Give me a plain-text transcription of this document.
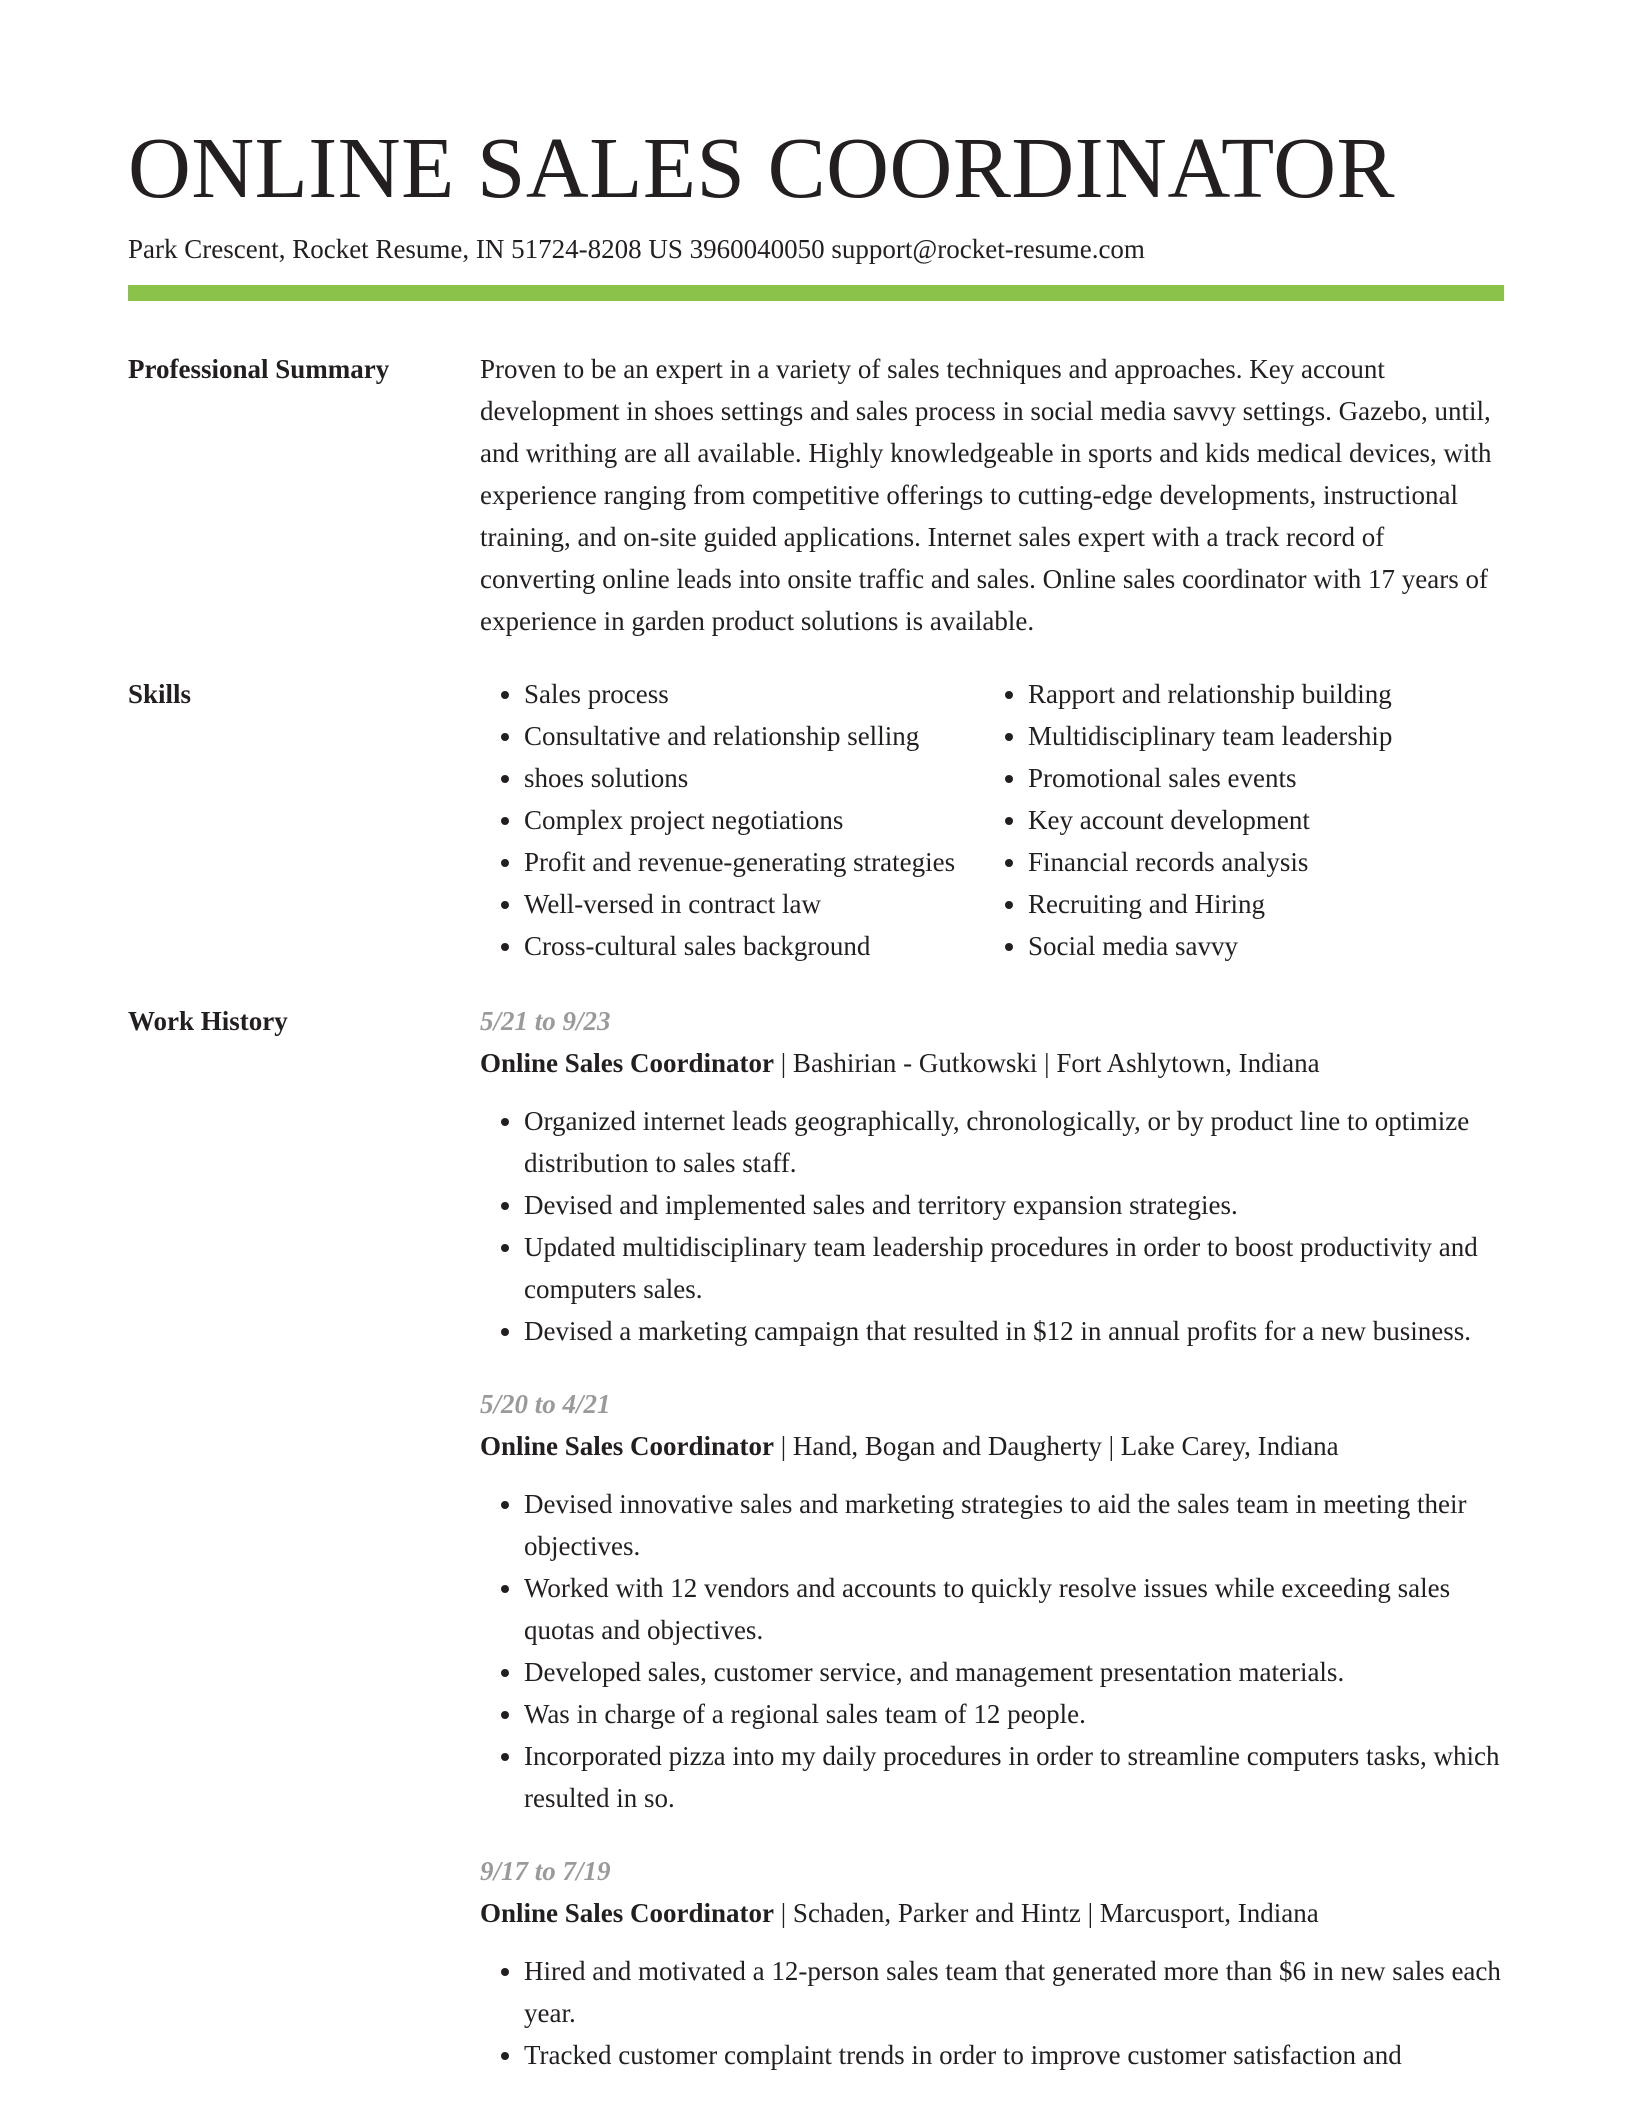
ONLINE SALES COORDINATOR
Park Crescent, Rocket Resume, IN 51724-8208 US 3960040050 support@rocket-resume.com
Professional Summary	Proven to be an expert in a variety of sales techniques and approaches. Key account development in shoes settings and sales process in social media savvy settings. Gazebo, until, and writhing are all available. Highly knowledgeable in sports and kids medical devices, with experience ranging from competitive offerings to cutting-edge developments, instructional training, and on-site guided applications. Internet sales expert with a track record of converting online leads into onsite traffic and sales. Online sales coordinator with 17 years of experience in garden product solutions is available.

Skills
•	Sales process
• Consultative and relationship selling
• shoes solutions
• Complex project negotiations
• Profit and revenue-generating strategies
• Well-versed in contract law
• Cross-cultural sales background
• Rapport and relationship building
• Multidisciplinary team leadership
• Promotional sales events
• Key account development
• Financial records analysis
• Recruiting and Hiring
• Social media savvy
Work History	5/21 to 9/23
Online Sales Coordinator | Bashirian - Gutkowski | Fort Ashlytown, Indiana
• Organized internet leads geographically, chronologically, or by product line to optimize distribution to sales staff.
• Devised and implemented sales and territory expansion strategies.
• Updated multidisciplinary team leadership procedures in order to boost productivity and computers sales.
• Devised a marketing campaign that resulted in $12 in annual profits for a new business.
5/20 to 4/21
Online Sales Coordinator | Hand, Bogan and Daugherty | Lake Carey, Indiana
• Devised innovative sales and marketing strategies to aid the sales team in meeting their objectives.
• Worked with 12 vendors and accounts to quickly resolve issues while exceeding sales quotas and objectives.
• Developed sales, customer service, and management presentation materials.
• Was in charge of a regional sales team of 12 people.
• Incorporated pizza into my daily procedures in order to streamline computers tasks, which resulted in so.
9/17 to 7/19
Online Sales Coordinator | Schaden, Parker and Hintz | Marcusport, Indiana
• Hired and motivated a 12-person sales team that generated more than $6 in new sales each year.
• Tracked customer complaint trends in order to improve customer satisfaction and
